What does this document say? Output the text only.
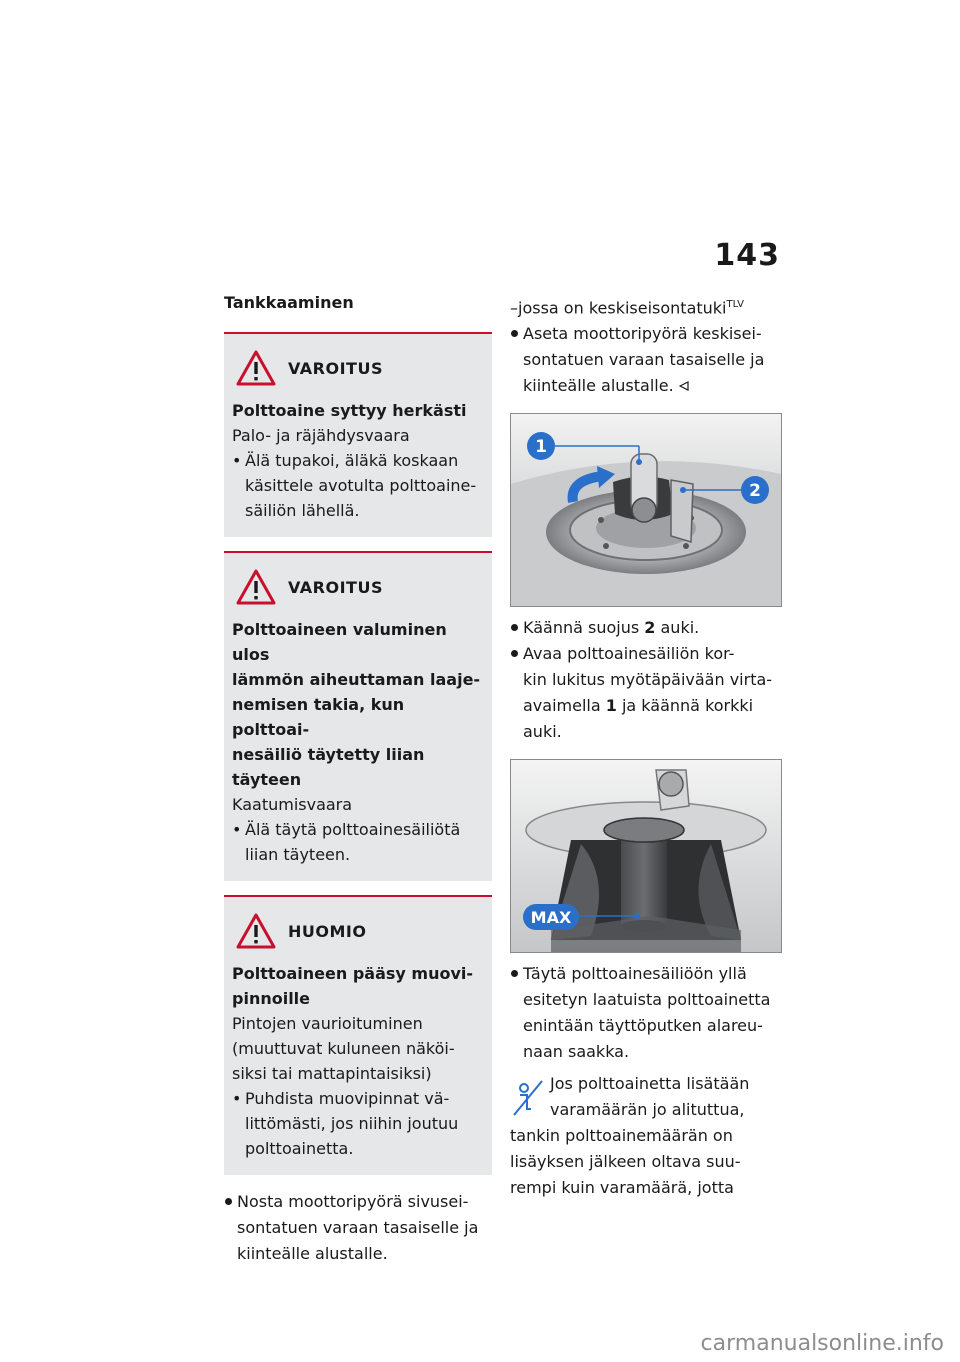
143
Tankkaaminen
VAROITUS
Polttoaine syttyy herkästi
Palo- ja räjähdysvaara
• Älä tupakoi, äläkä koskaan
käsittele avotulta polttoaine-
säiliön lähellä.
VAROITUS
Polttoaineen valuminen ulos
lämmön aiheuttaman laaje-
nemisen takia, kun polttoai-
nesäiliö täytetty liian täyteen
Kaatumisvaara
• Älä täytä polttoainesäiliötä
liian täyteen.
HUOMIO
Polttoaineen pääsy muovi-
pinnoille
Pintojen vaurioituminen
(muuttuvat kuluneen näköi-
siksi tai mattapintaisiksi)
• Puhdista muovipinnat vä-
littömästi, jos niihin joutuu
polttoainetta.
Nosta moottoripyörä sivusei-
sontatuen varaan tasaiselle ja
kiinteälle alustalle.
–jossa on keskiseisontatuki$^{TLV}$
Aseta moottoripyörä keskisei-
sontatuen varaan tasaiselle ja
kiinteälle alustalle.
1
2
Käännä suojus 2 auki.
Avaa polttoainesäiliön kor-
kin lukitus myötäpäivään virta-
avaimella 1 ja käännä korkki
auki.
MAX
Täytä polttoainesäiliöön yllä
esitetyn laatuista polttoainetta
enintään täyttöputken alareu-
naan saakka.
Jos polttoainetta lisätään
varamäärän jo alituttua,
tankin polttoainemäärän on
lisäyksen jälkeen oltava suu-
rempi kuin varamäärä, jotta
carmanualsonline.info
